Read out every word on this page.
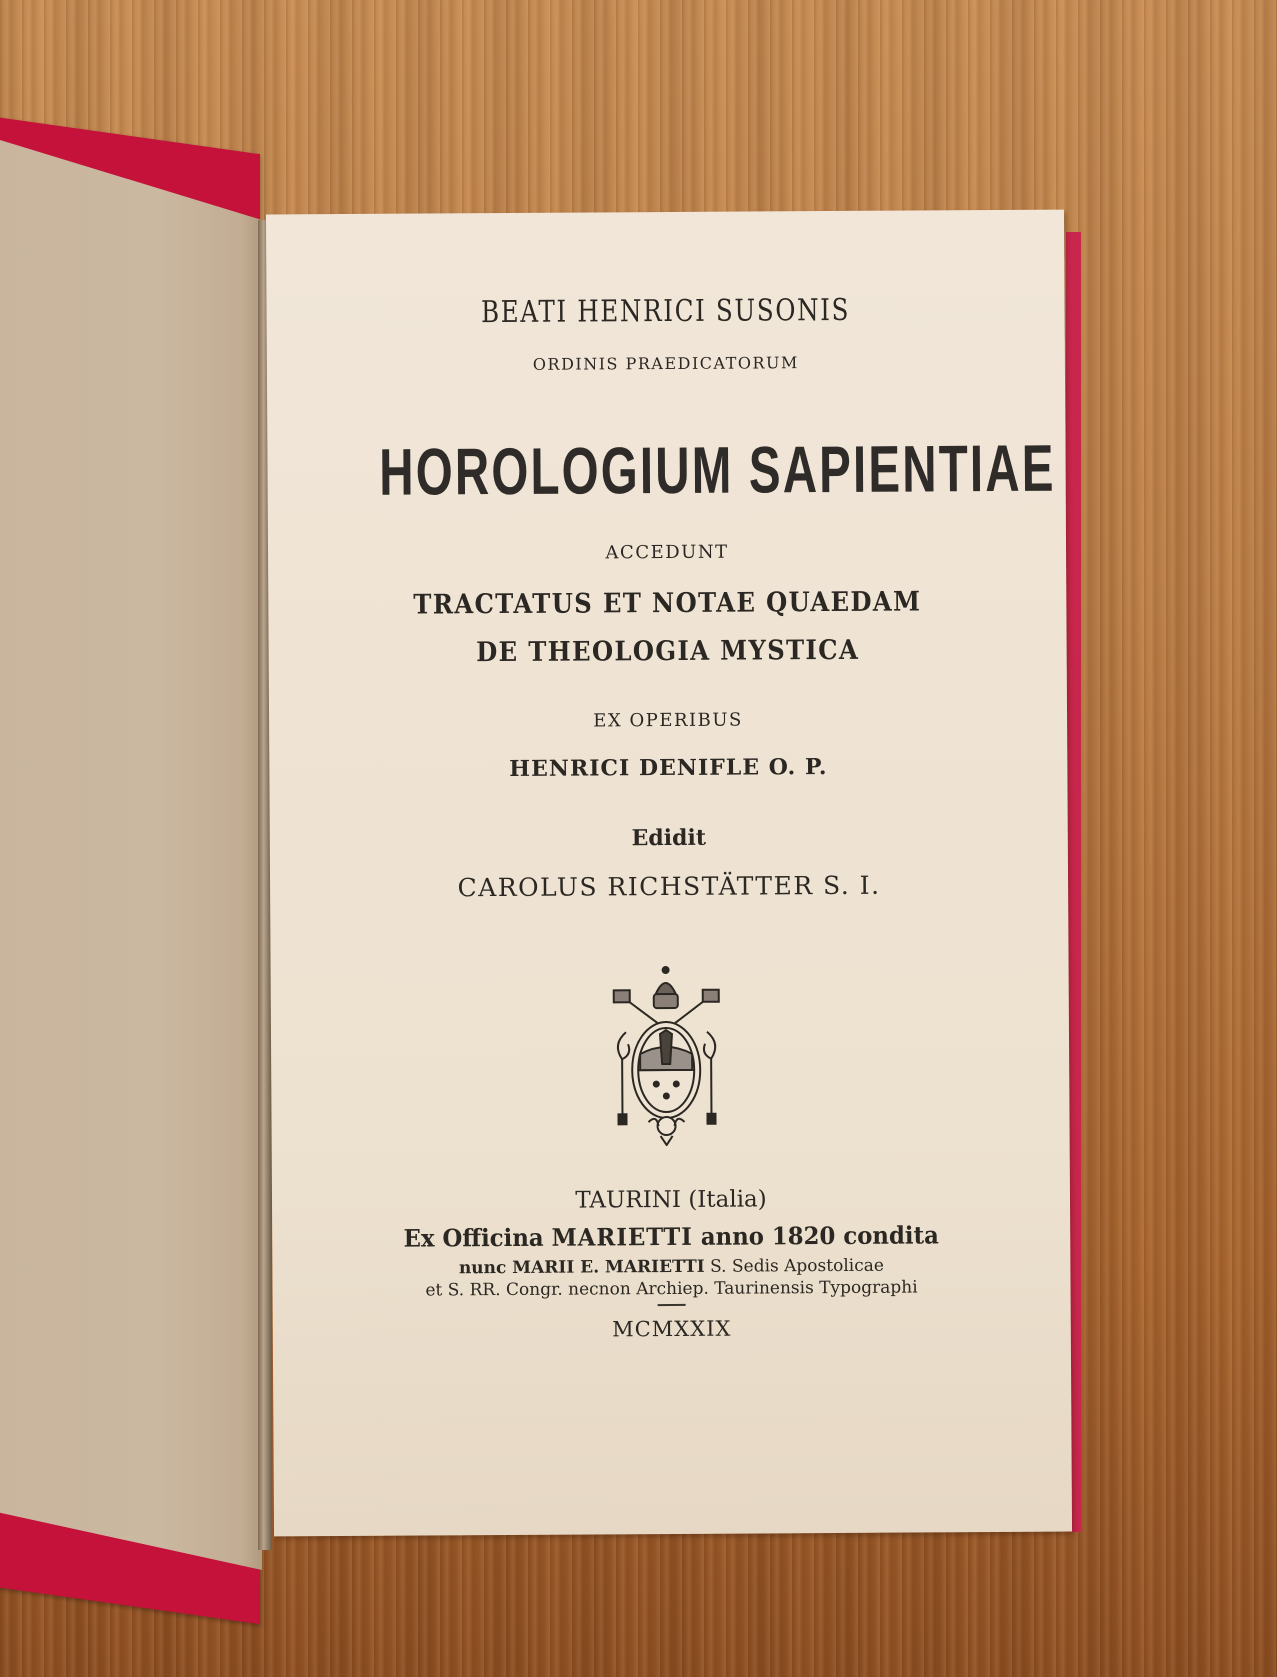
BEATI HENRICI SUSONIS
ORDINIS PRAEDICATORUM
HOROLOGIUM SAPIENTIAE
ACCEDUNT
TRACTATUS ET NOTAE QUAEDAM
DE THEOLOGIA MYSTICA
EX OPERIBUS
HENRICI DENIFLE O. P.
Edidit
CAROLUS RICHSTÄTTER S. I.
TAURINI (Italia)
Ex Officina MARIETTI anno 1820 condita
nunc MARII E. MARIETTI S. Sedis Apostolicae
et S. RR. Congr. necnon Archiep. Taurinensis Typographi
MCMXXIX
